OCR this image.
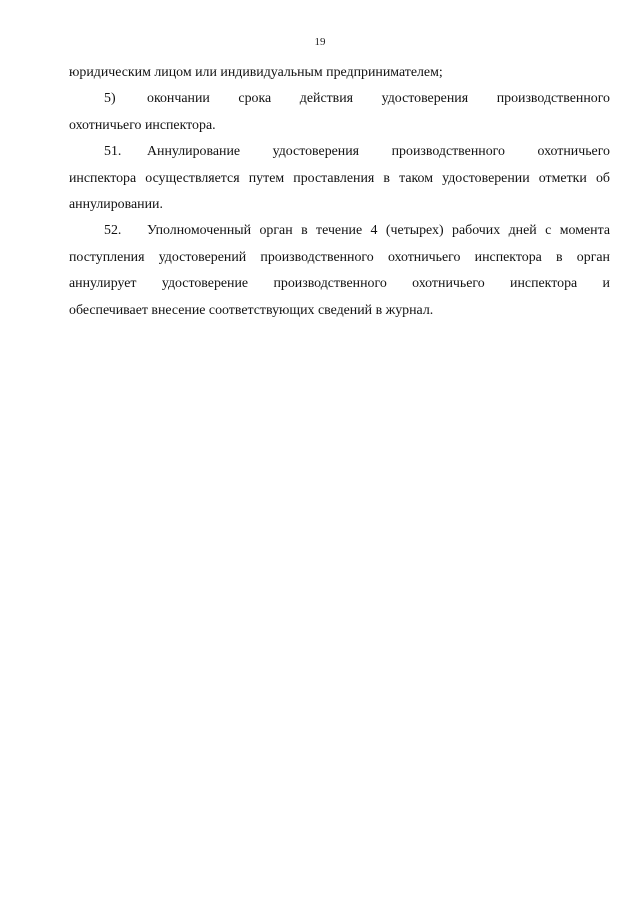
19
юридическим лицом или индивидуальным предпринимателем;
5) окончании срока действия удостоверения производственного
охотничьего инспектора.
51. Аннулирование удостоверения производственного охотничьего
инспектора осуществляется путем проставления в таком удостоверении отметки об
аннулировании.
52. Уполномоченный орган в течение 4 (четырех) рабочих дней с момента
поступления удостоверений производственного охотничьего инспектора в орган
аннулирует удостоверение производственного охотничьего инспектора и
обеспечивает внесение соответствующих сведений в журнал.
